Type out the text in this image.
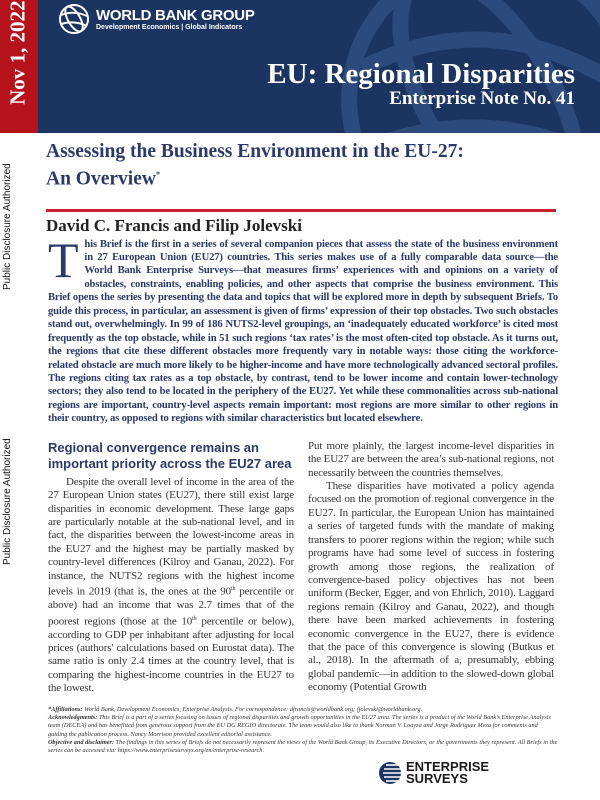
Nov 1, 2022	WORLD BANK GROUP
Development Economics | Global Indicators
EU: Regional Disparities
Enterprise Note No. 41
Public Disclosure Authorized
Public Disclosure Authorized
Assessing the Business Environment in the EU-27:
An Overview*
David C. Francis and Filip Jolevski
This Brief is the first in a series of several companion pieces that assess the state of the business environment in 27 European Union (EU27) countries. This series makes use of a fully comparable data source—the World Bank Enterprise Surveys—that measures firms’ experiences with and opinions on a variety of obstacles, constraints, enabling policies, and other aspects that comprise the business environment. This Brief opens the series by presenting the data and topics that will be explored more in depth by subsequent Briefs. To guide this process, in particular, an assessment is given of firms’ expression of their top obstacles. Two such obstacles stand out, overwhelmingly. In 99 of 186 NUTS2-level groupings, an ‘inadequately educated workforce’ is cited most frequently as the top obstacle, while in 51 such regions ‘tax rates’ is the most often-cited top obstacle. As it turns out, the regions that cite these different obstacles more frequently vary in notable ways: those citing the workforce-related obstacle are much more likely to be higher-income and have more technologically advanced sectoral profiles. The regions citing tax rates as a top obstacle, by contrast, tend to be lower income and contain lower-technology sectors; they also tend to be located in the periphery of the EU27. Yet while these commonalities across sub-national regions are important, country-level aspects remain important: most regions are more similar to other regions in their country, as opposed to regions with similar characteristics but located elsewhere.
Regional convergence remains an important priority across the EU27 area

Despite the overall level of income in the area of the 27 European Union states (EU27), there still exist large disparities in economic development. These large gaps are particularly notable at the sub-national level, and in fact, the disparities between the lowest-income areas in the EU27 and the highest may be partially masked by country-level differences (Kilroy and Ganau, 2022). For instance, the NUTS2 regions with the highest income levels in 2019 (that is, the ones at the 90th percentile or above) had an income that was 2.7 times that of the poorest regions (those at the 10th percentile or below), according to GDP per inhabitant after adjusting for local prices (authors' calculations based on Eurostat data). The same ratio is only 2.4 times at the country level, that is comparing the highest-income countries in the EU27 to the lowest.

Put more plainly, the largest income-level disparities in the EU27 are between the area’s sub-national regions, not necessarily between the countries themselves.

These disparities have motivated a policy agenda focused on the promotion of regional convergence in the EU27. In particular, the European Union has maintained a series of targeted funds with the mandate of making transfers to poorer regions within the region; while such programs have had some level of success in fostering growth among those regions, the realization of convergence-based policy objectives has not been uniform (Becker, Egger, and von Ehrlich, 2010). Laggard regions remain (Kilroy and Ganau, 2022), and though there have been marked achievements in fostering economic convergence in the EU27, there is evidence that the pace of this convergence is slowing (Butkus et al., 2018). In the aftermath of a, presumably, ebbing global pandemic—in addition to the slowed-down global economy (Potential Growth

*Affiliations: World Bank, Development Economics, Enterprise Analysis. For correspondence: dfrancis@worldbank.org; fjolevski@worldbank.org.
Acknowledgments: This Brief is a part of a series focusing on issues of regional disparities and growth opportunities in the EU27 area. The series is a product of the World Bank’s Enterprise Analysis team (DECEA) and has benefitted from generous support from the EU DG REGIO directorate. The team would also like to thank Norman V. Loayza and Jorge Rodriguez Meza for comments and guiding the publication process. Nancy Morrison provided excellent editorial assistance.
Objective and disclaimer: The findings in this series of Briefs do not necessarily represent the views of the World Bank Group, its Executive Directors, or the governments they represent. All Briefs in the series can be accessed via: https://www.enterprisesurveys.org/en/enterprise-research.
ENTERPRISE
SURVEYS
